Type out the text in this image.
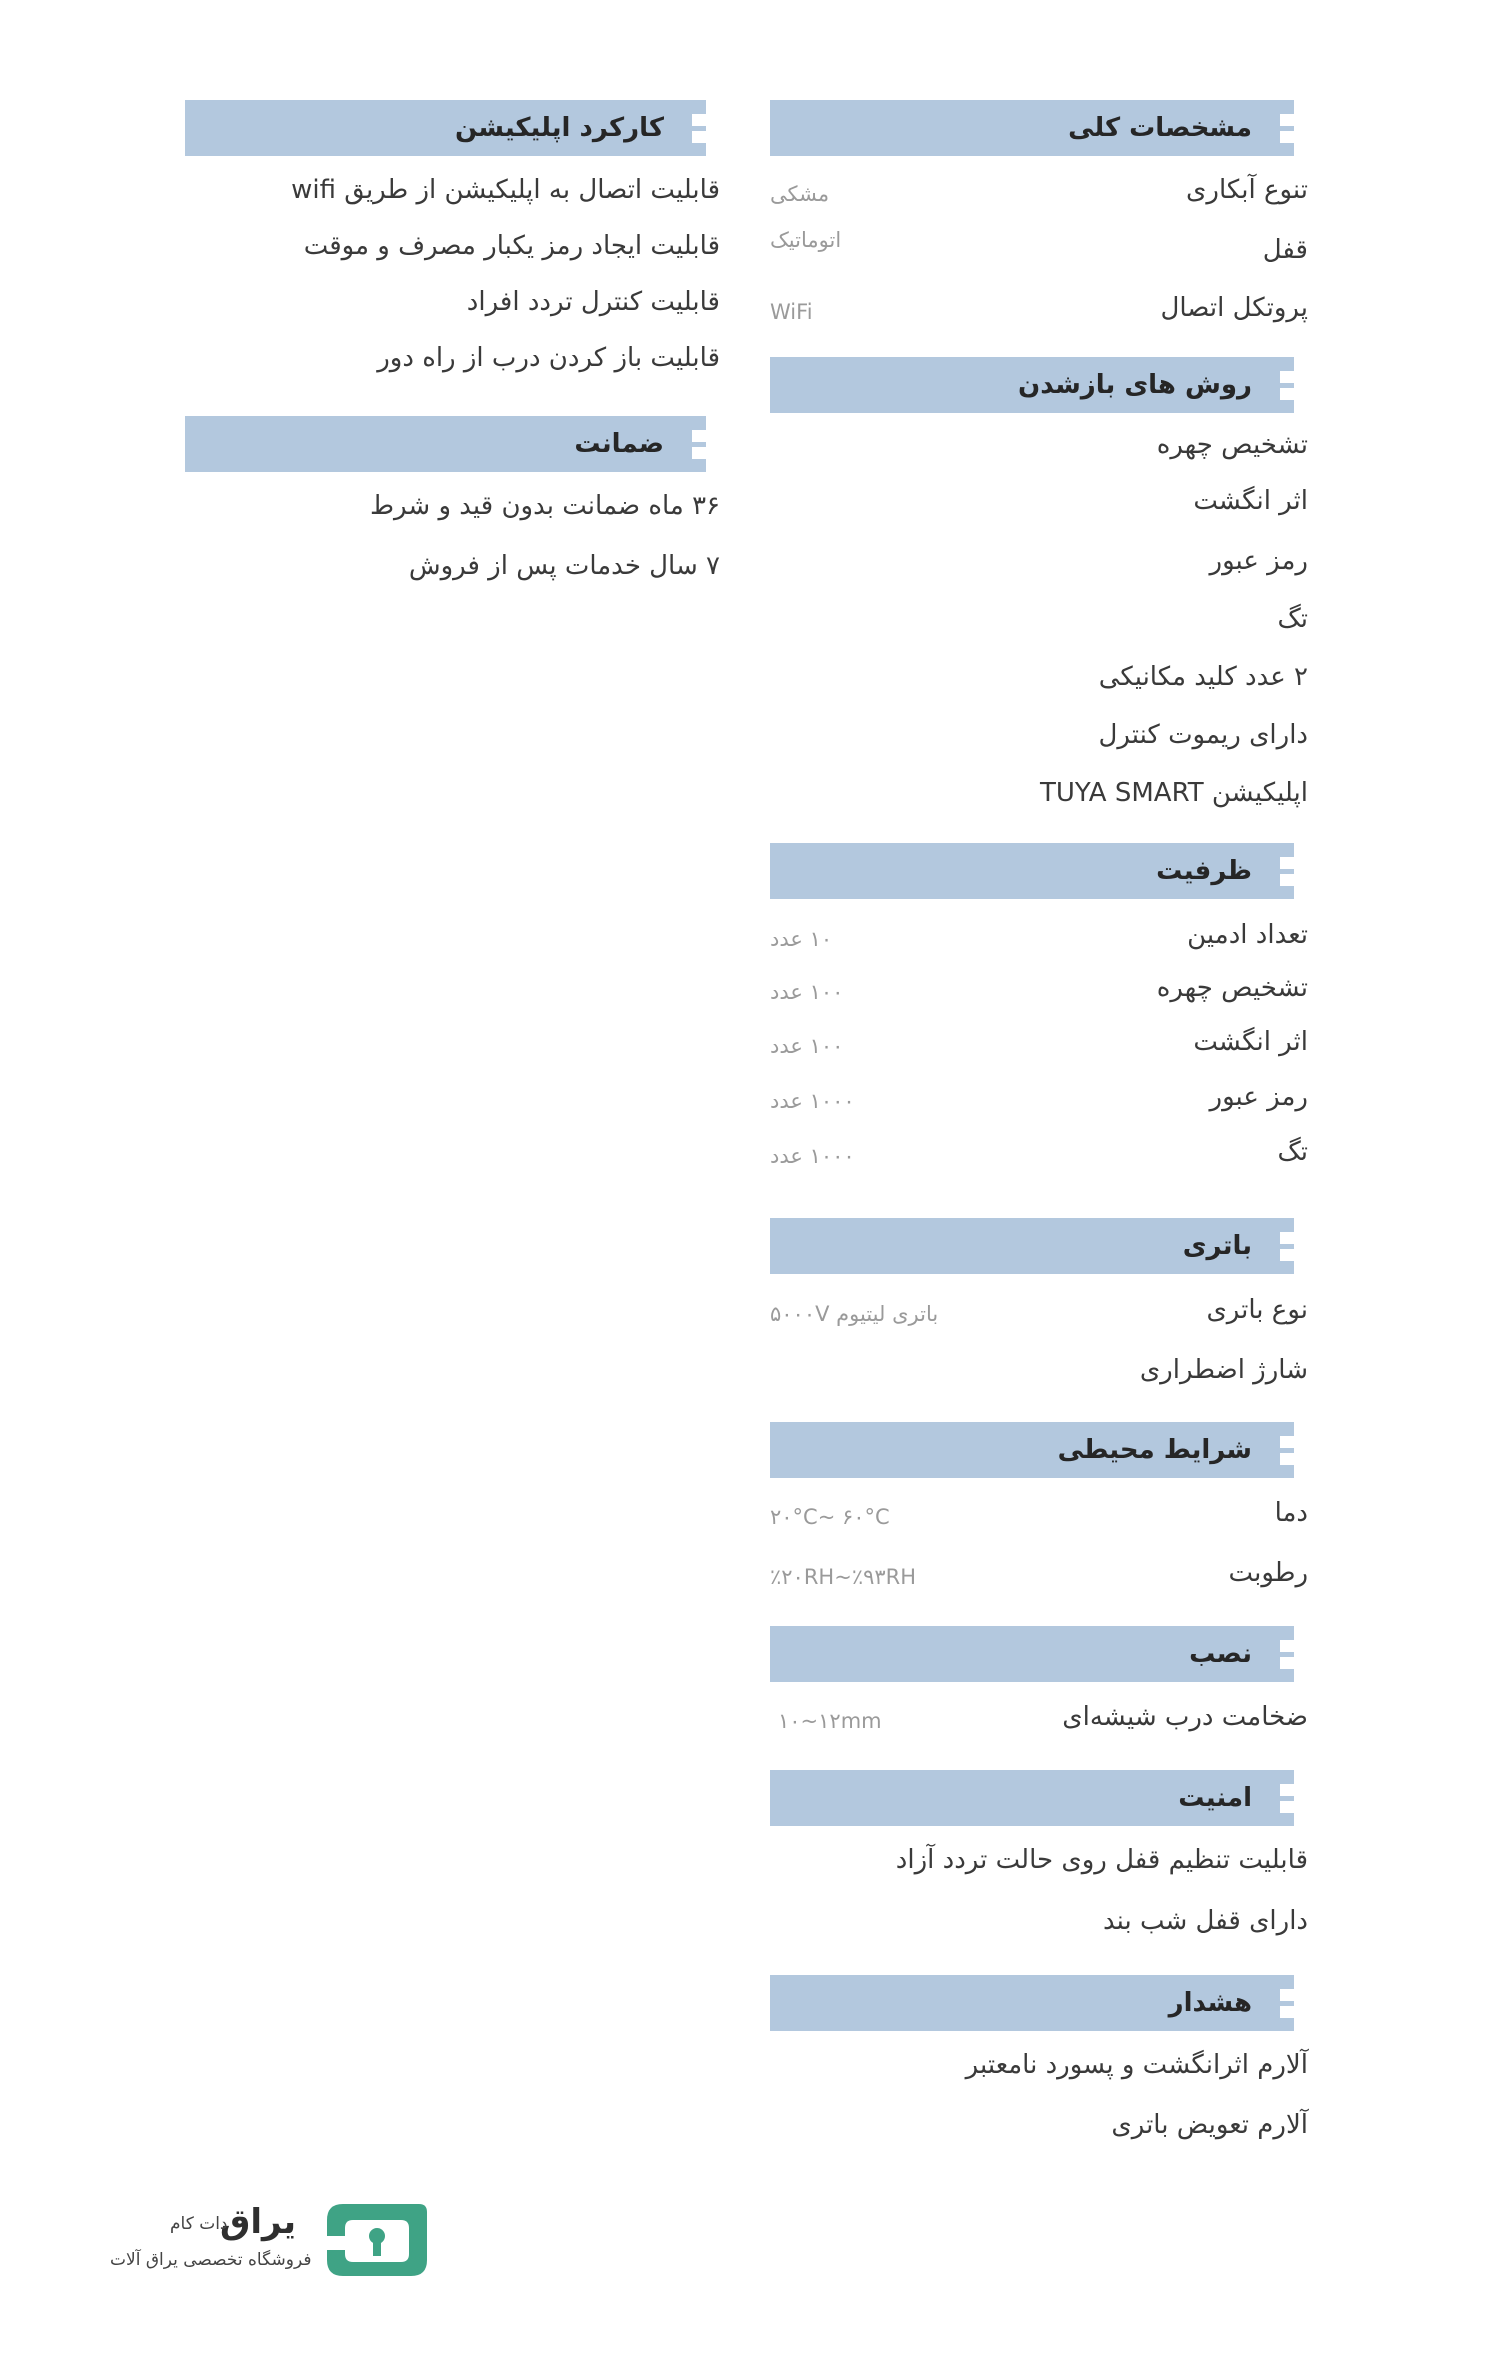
مشخصات کلی
تنوع آبکاری
مشکی
قفل
اتوماتیک
پروتکل اتصال
WiFi
روش های بازشدن
تشخیص چهره
اثر انگشت
رمز عبور
تگ
۲ عدد کلید مکانیکی
دارای ریموت کنترل
اپلیکیشن TUYA SMART
ظرفیت
تعداد ادمین
۱۰ عدد
تشخیص چهره
۱۰۰ عدد
اثر انگشت
۱۰۰ عدد
رمز عبور
۱۰۰۰ عدد
تگ
۱۰۰۰ عدد
باتری
نوع باتری
باتری لیتیوم ۵۰۰۰V
شارژ اضطراری
شرایط محیطی
دما
۲۰°C~ ۶۰°C
رطوبت
٪۲۰RH~٪۹۳RH
نصب
ضخامت درب شیشه‌ای
۱۰~۱۲mm
امنیت
قابلیت تنظیم قفل روی حالت تردد آزاد
دارای قفل شب بند
هشدار
آلارم اثرانگشت و پسورد نامعتبر
آلارم تعویض باتری
کارکرد اپلیکیشن
قابلیت اتصال به اپلیکیشن از طریق wifi
قابلیت ایجاد رمز یکبار مصرف و موقت
قابلیت کنترل تردد افراد
قابلیت باز کردن درب از راه دور
ضمانت
۳۶ ماه ضمانت بدون قید و شرط
۷ سال خدمات پس از فروش
یراق
دات کام
فروشگاه تخصصی یراق آلات
